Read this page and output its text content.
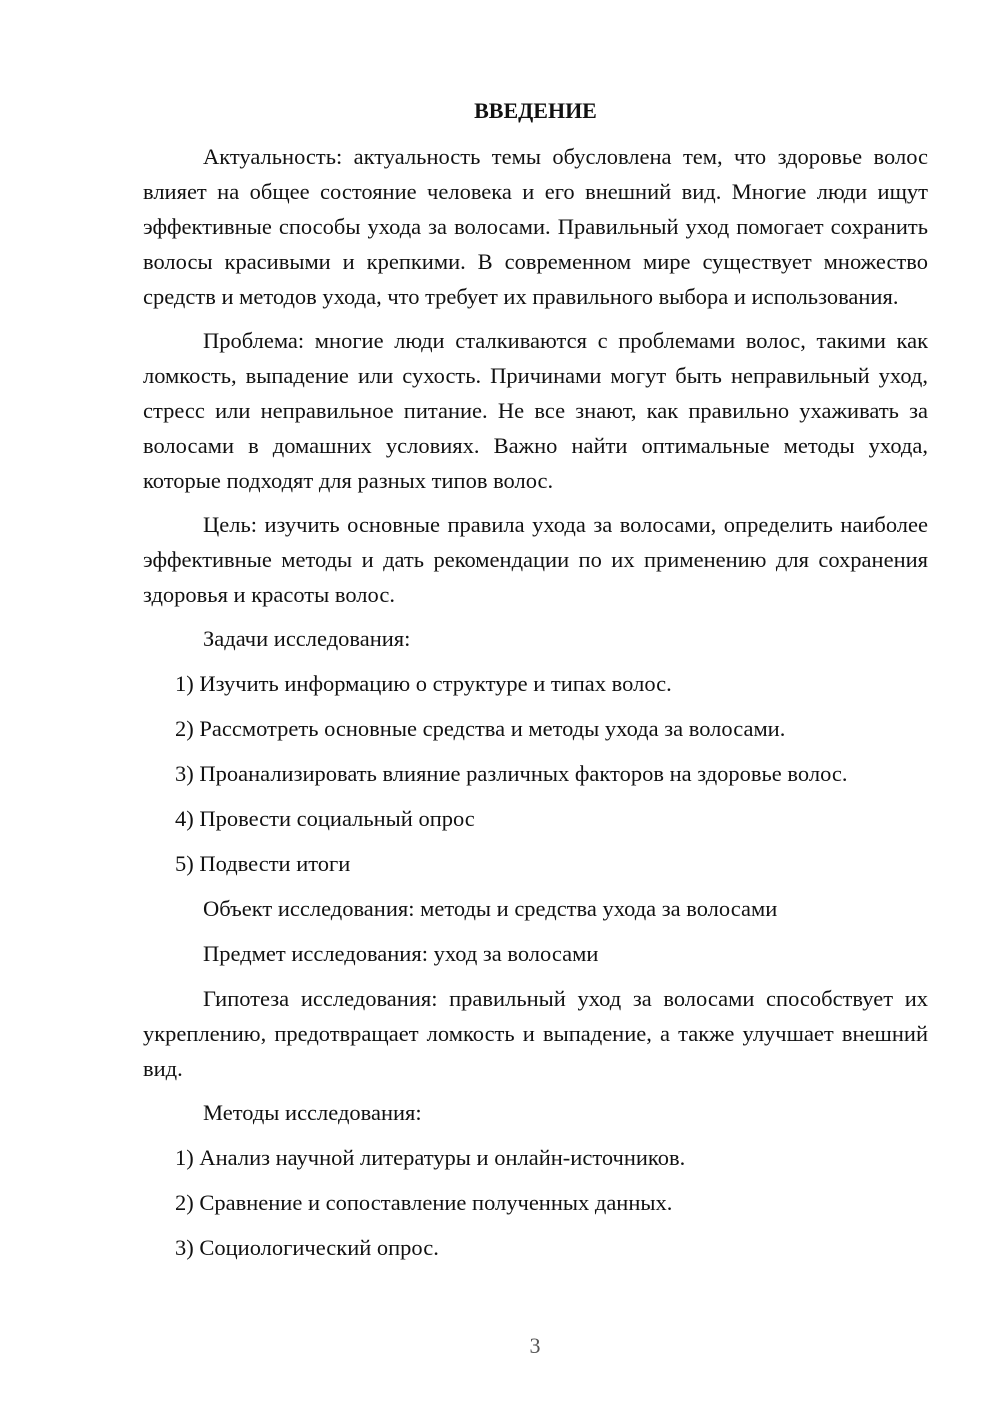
ВВЕДЕНИЕ

Актуальность: актуальность темы обусловлена тем, что здоровье волос влияет на общее состояние человека и его внешний вид. Многие люди ищут эффективные способы ухода за волосами. Правильный уход помогает сохранить волосы красивыми и крепкими. В современном мире существует множество средств и методов ухода, что требует их правильного выбора и использования.

Проблема: многие люди сталкиваются с проблемами волос, такими как ломкость, выпадение или сухость. Причинами могут быть неправильный уход, стресс или неправильное питание. Не все знают, как правильно ухаживать за волосами в домашних условиях. Важно найти оптимальные методы ухода, которые подходят для разных типов волос.

Цель: изучить основные правила ухода за волосами, определить наиболее эффективные методы и дать рекомендации по их применению для сохранения здоровья и красоты волос.

Задачи исследования:
1) Изучить информацию о структуре и типах волос.
2) Рассмотреть основные средства и методы ухода за волосами.
3) Проанализировать влияние различных факторов на здоровье волос.
4) Провести социальный опрос
5) Подвести итоги
Объект исследования: методы и средства ухода за волосами
Предмет исследования: уход за волосами

Гипотеза исследования: правильный уход за волосами способствует их укреплению, предотвращает ломкость и выпадение, а также улучшает внешний вид.

Методы исследования:
1) Анализ научной литературы и онлайн-источников.
2) Сравнение и сопоставление полученных данных.
3) Социологический опрос.
3
